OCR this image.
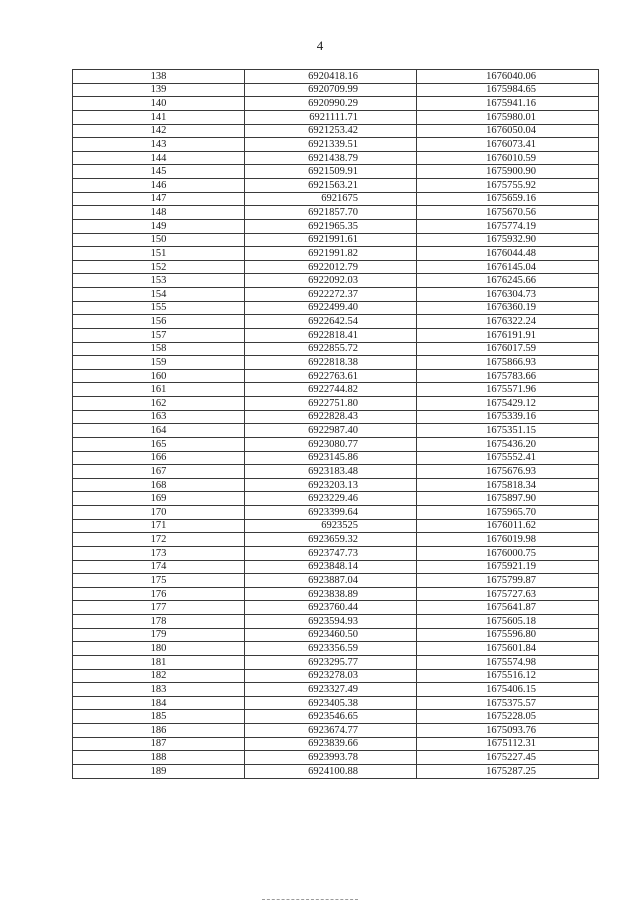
4
138	6920418.16	1676040.06
139	6920709.99	1675984.65
140	6920990.29	1675941.16
141	6921111.71	1675980.01
142	6921253.42	1676050.04
143	6921339.51	1676073.41
144	6921438.79	1676010.59
145	6921509.91	1675900.90
146	6921563.21	1675755.92
147	6921675	1675659.16
148	6921857.70	1675670.56
149	6921965.35	1675774.19
150	6921991.61	1675932.90
151	6921991.82	1676044.48
152	6922012.79	1676145.04
153	6922092.03	1676245.66
154	6922272.37	1676304.73
155	6922499.40	1676360.19
156	6922642.54	1676322.24
157	6922818.41	1676191.91
158	6922855.72	1676017.59
159	6922818.38	1675866.93
160	6922763.61	1675783.66
161	6922744.82	1675571.96
162	6922751.80	1675429.12
163	6922828.43	1675339.16
164	6922987.40	1675351.15
165	6923080.77	1675436.20
166	6923145.86	1675552.41
167	6923183.48	1675676.93
168	6923203.13	1675818.34
169	6923229.46	1675897.90
170	6923399.64	1675965.70
171	6923525	1676011.62
172	6923659.32	1676019.98
173	6923747.73	1676000.75
174	6923848.14	1675921.19
175	6923887.04	1675799.87
176	6923838.89	1675727.63
177	6923760.44	1675641.87
178	6923594.93	1675605.18
179	6923460.50	1675596.80
180	6923356.59	1675601.84
181	6923295.77	1675574.98
182	6923278.03	1675516.12
183	6923327.49	1675406.15
184	6923405.38	1675375.57
185	6923546.65	1675228.05
186	6923674.77	1675093.76
187	6923839.66	1675112.31
188	6923993.78	1675227.45
189	6924100.88	1675287.25
